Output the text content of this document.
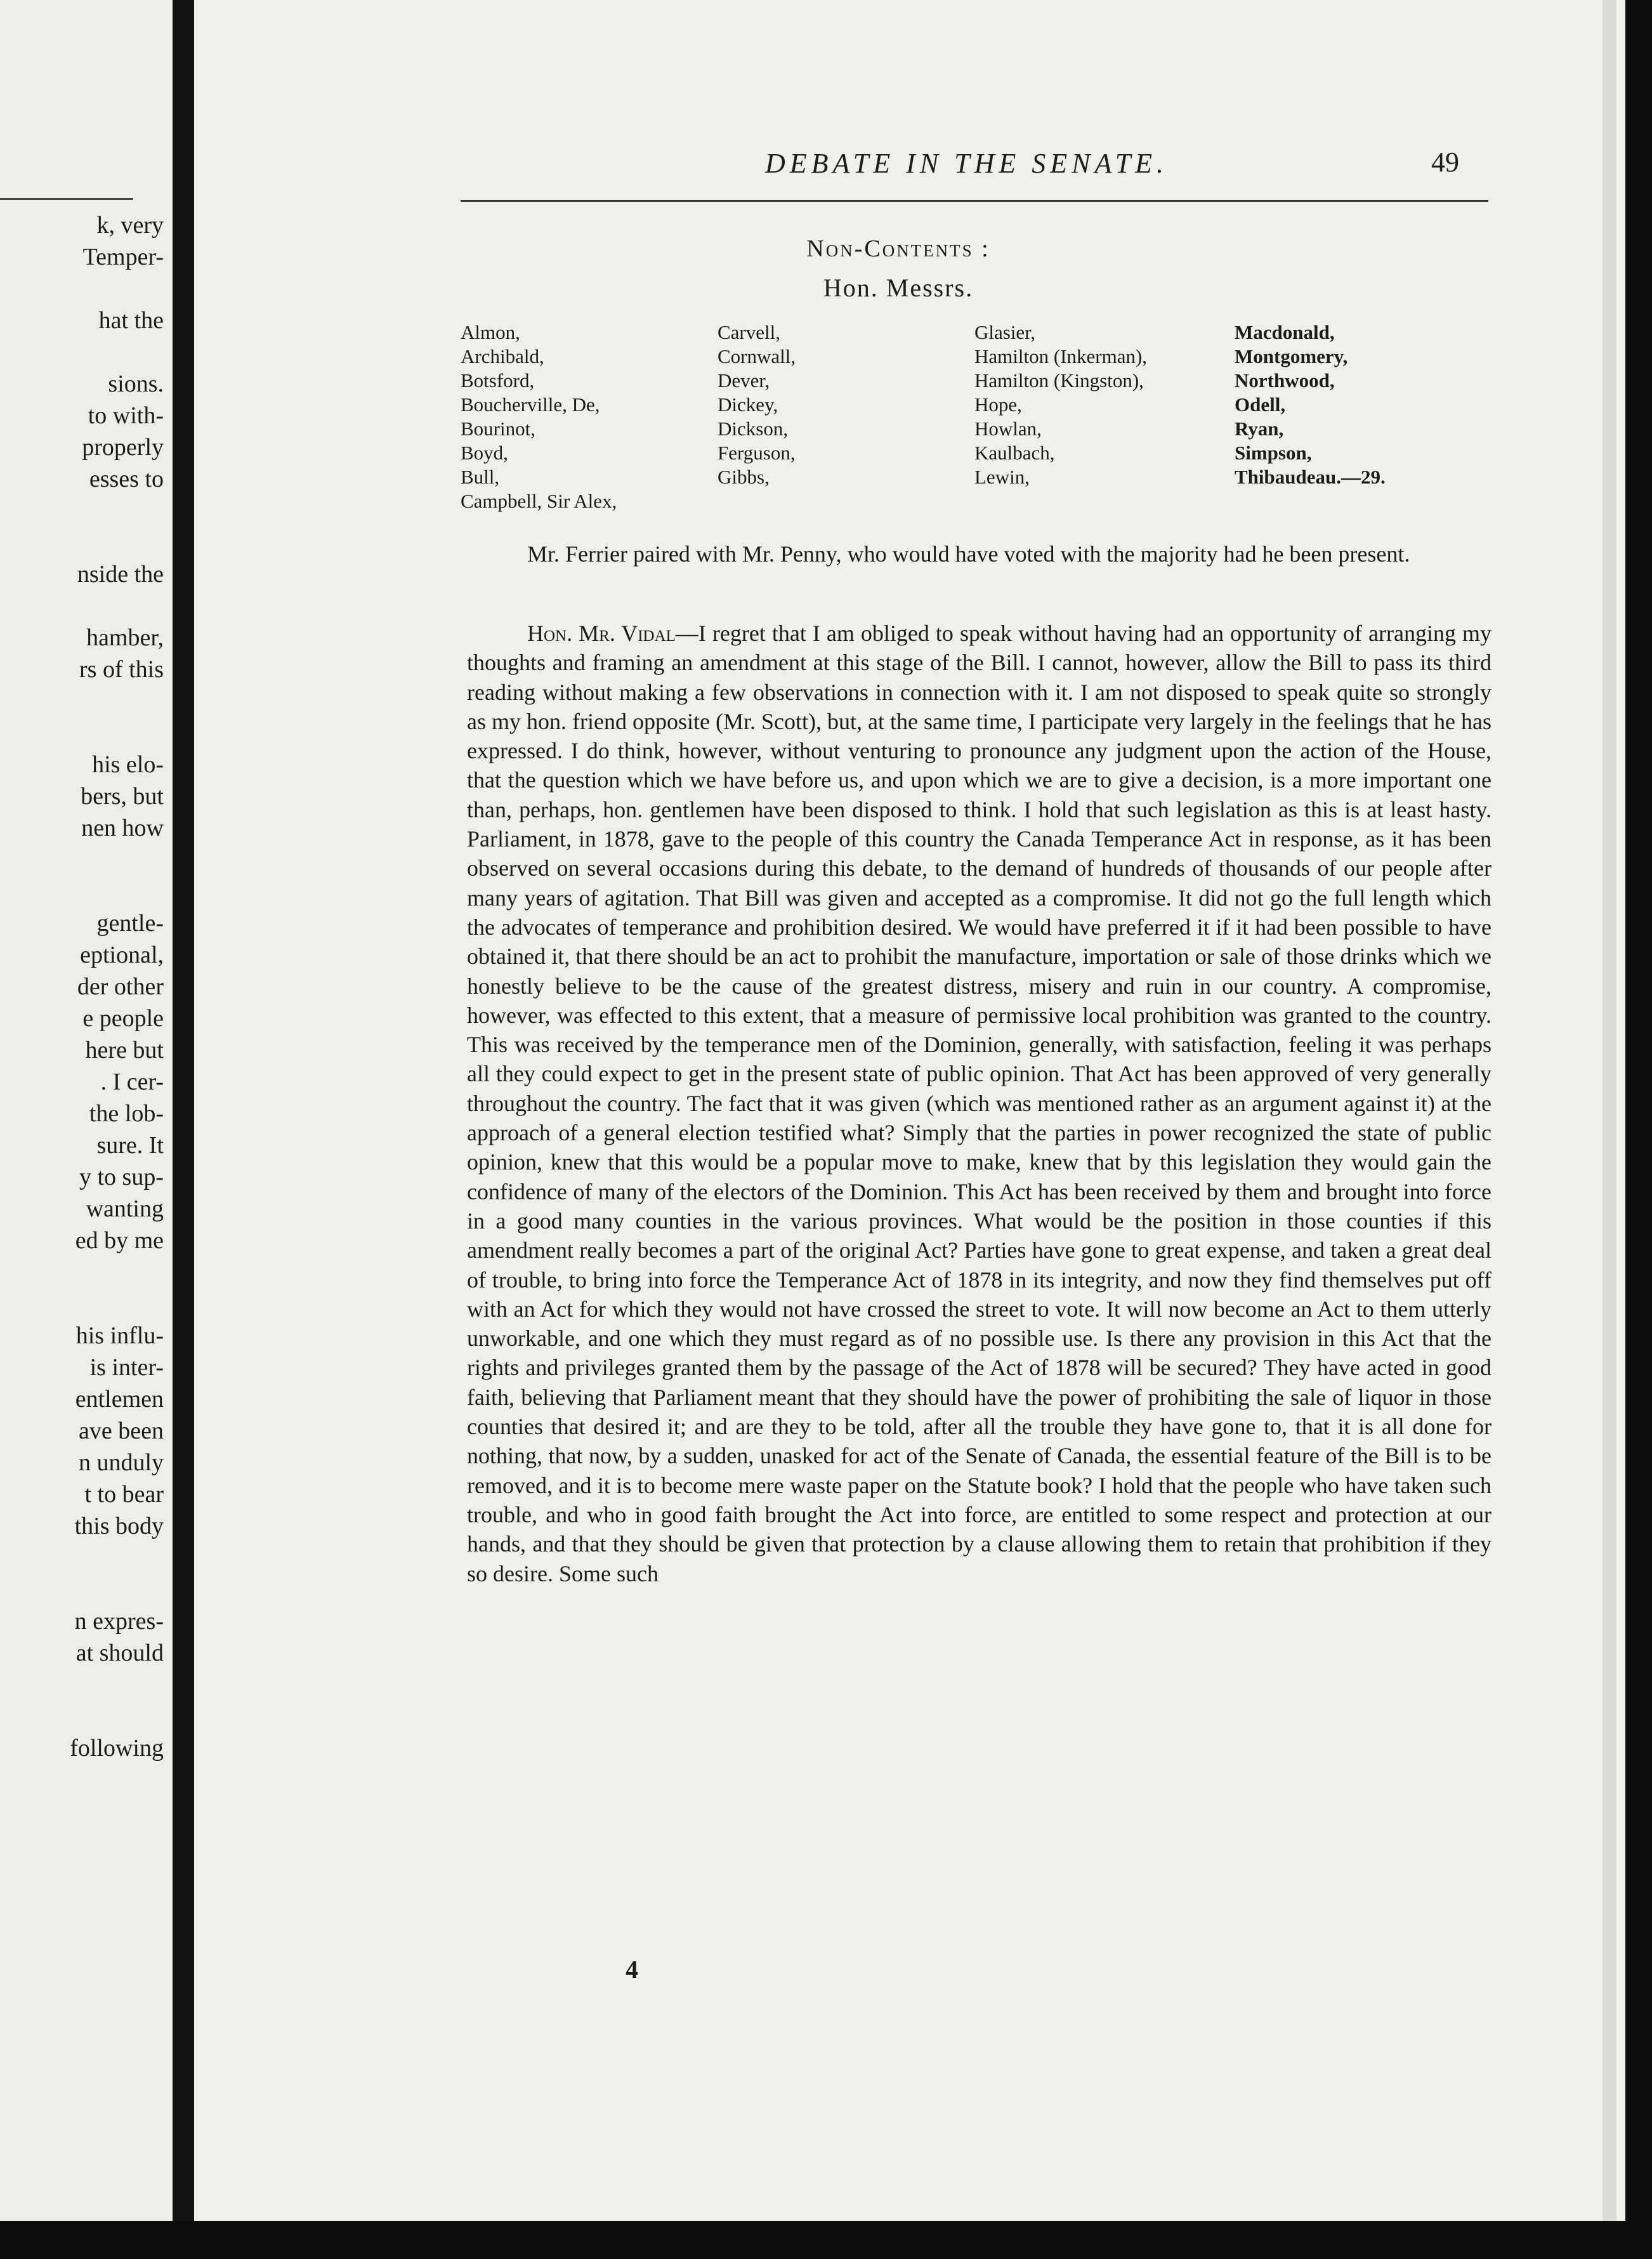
k, very
Temper-

hat the

sions.
to with-
properly
esses to

nside the

hamber,
rs of this

his elo-
bers, but
nen how

gentle-
eptional,
der other
e people
here but
. I cer-
the lob-
sure. It
y to sup-
wanting
ed by me

his influ-
is inter-
entlemen
ave been
n unduly
t to bear
this body

n expres-
at should

following
DEBATE IN THE SENATE.	49
Non-Contents :
Hon. Messrs.
Almon,
Archibald,
Botsford,
Boucherville, De,
Bourinot,
Boyd,
Bull,
Campbell, Sir Alex,
Carvell,
Cornwall,
Dever,
Dickey,
Dickson,
Ferguson,
Gibbs,
Glasier,
Hamilton (Inkerman),
Hamilton (Kingston),
Hope,
Howlan,
Kaulbach,
Lewin,
Macdonald,
Montgomery,
Northwood,
Odell,
Ryan,
Simpson,
Thibaudeau.—29.

Mr. Ferrier paired with Mr. Penny, who would have voted with the majority had he been present.

Hon. Mr. Vidal—I regret that I am obliged to speak without having had an opportunity of arranging my thoughts and framing an amendment at this stage of the Bill. I cannot, however, allow the Bill to pass its third reading without making a few observations in connection with it. I am not disposed to speak quite so strongly as my hon. friend opposite (Mr. Scott), but, at the same time, I participate very largely in the feelings that he has expressed. I do think, however, without venturing to pronounce any judgment upon the action of the House, that the question which we have before us, and upon which we are to give a decision, is a more important one than, perhaps, hon. gentlemen have been disposed to think. I hold that such legislation as this is at least hasty. Parliament, in 1878, gave to the people of this country the Canada Temperance Act in response, as it has been observed on several occasions during this debate, to the demand of hundreds of thousands of our people after many years of agitation. That Bill was given and accepted as a compromise. It did not go the full length which the advocates of temperance and prohibition desired. We would have preferred it if it had been possible to have obtained it, that there should be an act to prohibit the manufacture, importation or sale of those drinks which we honestly believe to be the cause of the greatest distress, misery and ruin in our country. A compromise, however, was effected to this extent, that a measure of permissive local prohibition was granted to the country. This was received by the temperance men of the Dominion, generally, with satisfaction, feeling it was perhaps all they could expect to get in the present state of public opinion. That Act has been approved of very generally throughout the country. The fact that it was given (which was mentioned rather as an argument against it) at the approach of a general election testified what? Simply that the parties in power recognized the state of public opinion, knew that this would be a popular move to make, knew that by this legislation they would gain the confidence of many of the electors of the Dominion. This Act has been received by them and brought into force in a good many counties in the various provinces. What would be the position in those counties if this amendment really becomes a part of the original Act? Parties have gone to great expense, and taken a great deal of trouble, to bring into force the Temperance Act of 1878 in its integrity, and now they find themselves put off with an Act for which they would not have crossed the street to vote. It will now become an Act to them utterly unworkable, and one which they must regard as of no possible use. Is there any provision in this Act that the rights and privileges granted them by the passage of the Act of 1878 will be secured? They have acted in good faith, believing that Parliament meant that they should have the power of prohibiting the sale of liquor in those counties that desired it; and are they to be told, after all the trouble they have gone to, that it is all done for nothing, that now, by a sudden, unasked for act of the Senate of Canada, the essential feature of the Bill is to be removed, and it is to become mere waste paper on the Statute book? I hold that the people who have taken such trouble, and who in good faith brought the Act into force, are entitled to some respect and protection at our hands, and that they should be given that protection by a clause allowing them to retain that prohibition if they so desire. Some such

4
